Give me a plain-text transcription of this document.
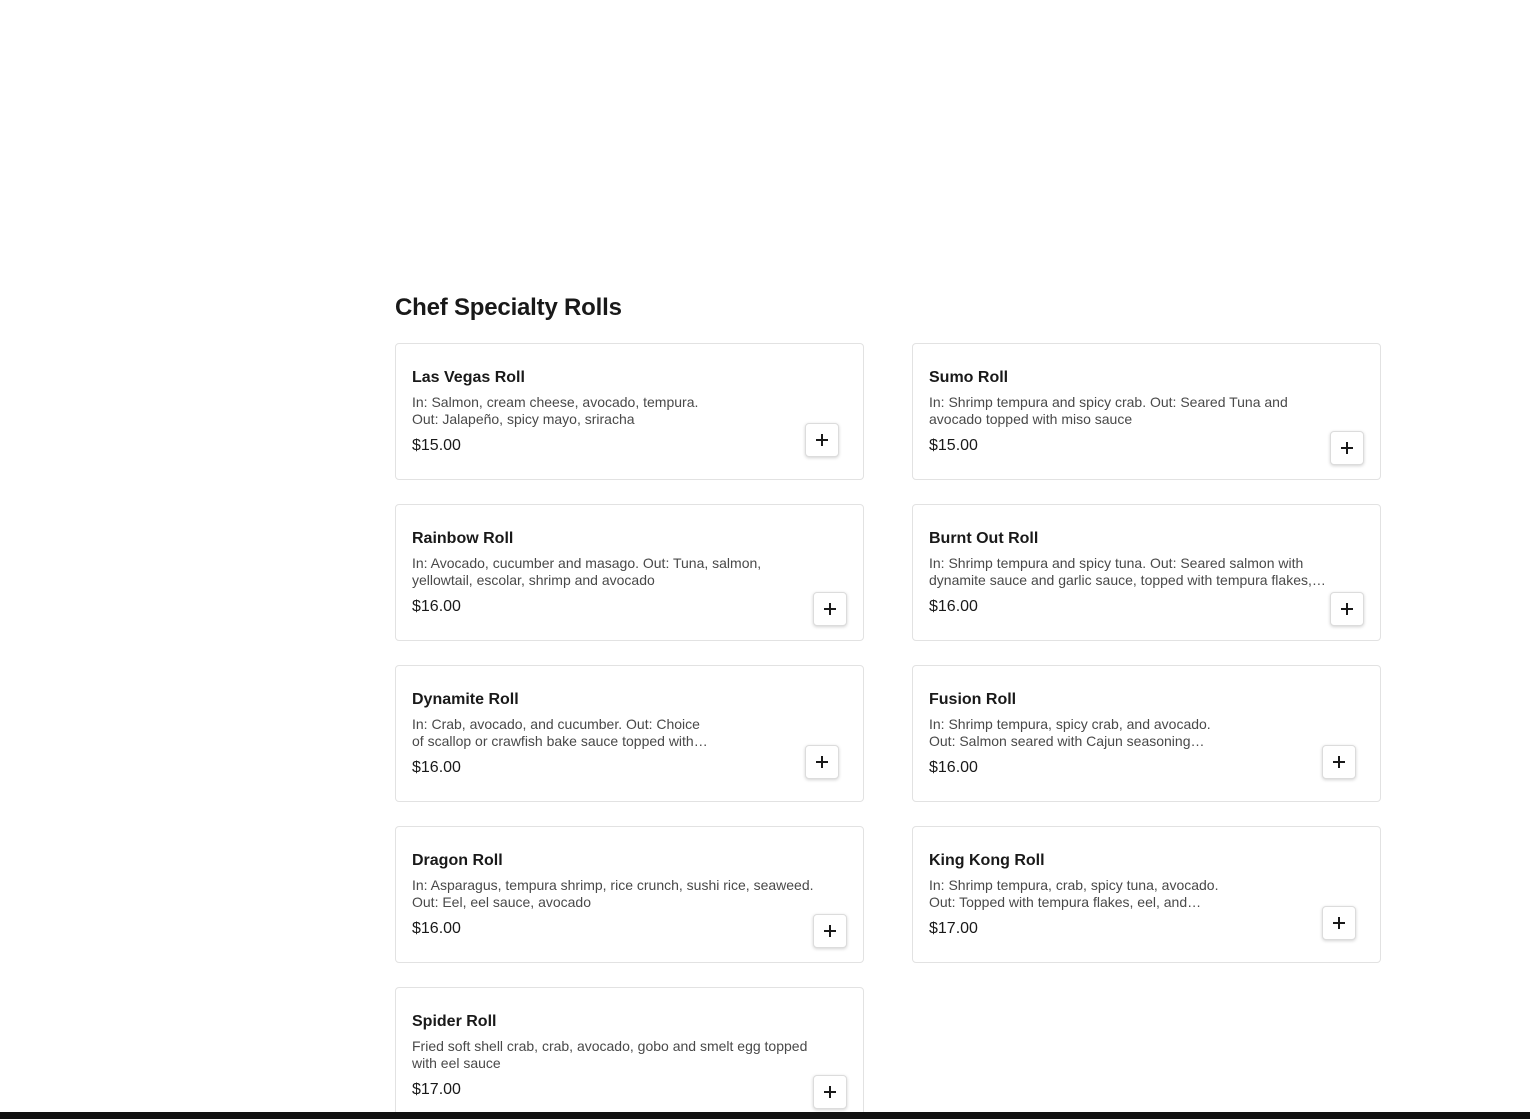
Chef Specialty Rolls
Las Vegas Roll
In: Salmon, cream cheese, avocado, tempura. Out: Jalapeño, spicy mayo, sriracha
$15.00
Sumo Roll
In: Shrimp tempura and spicy crab. Out: Seared Tuna and avocado topped with miso sauce
$15.00
Rainbow Roll
In: Avocado, cucumber and masago. Out: Tuna, salmon, yellowtail, escolar, shrimp and avocado
$16.00
Burnt Out Roll
In: Shrimp tempura and spicy tuna. Out: Seared salmon with dynamite sauce and garlic sauce, topped with tempura flakes,
$16.00
Dynamite Roll
In: Crab, avocado, and cucumber. Out: Choice of scallop or crawfish bake sauce topped with
$16.00
Fusion Roll
In: Shrimp tempura, spicy crab, and avocado. Out: Salmon seared with Cajun seasoning…
$16.00
Dragon Roll
In: Asparagus, tempura shrimp, rice crunch, sushi rice, seaweed. Out: Eel, eel sauce, avocado
$16.00
King Kong Roll
In: Shrimp tempura, crab, spicy tuna, avocado. Out: Topped with tempura flakes, eel, and…
$17.00
Spider Roll
Fried soft shell crab, crab, avocado, gobo and smelt egg topped with eel sauce
$17.00
